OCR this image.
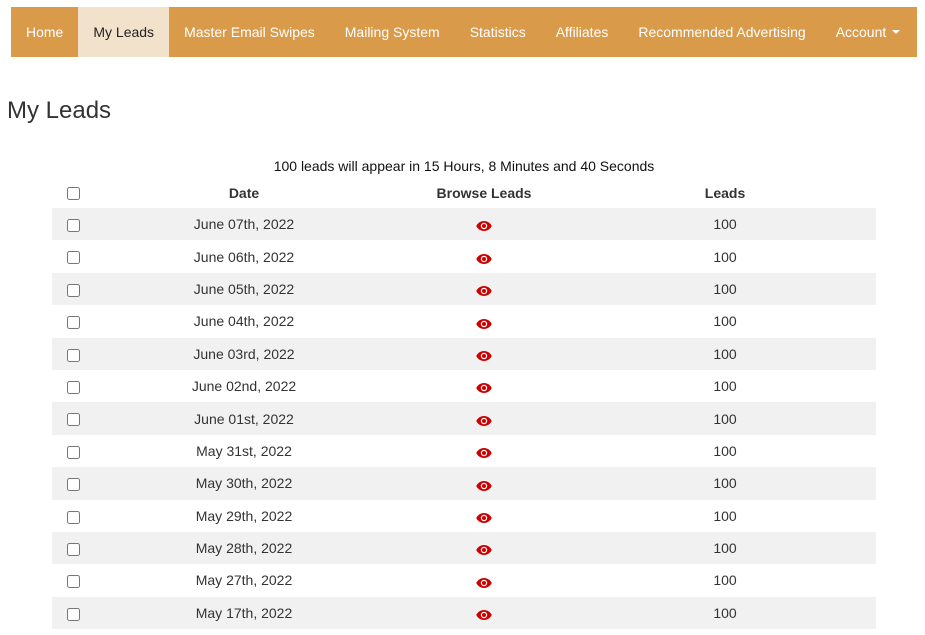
Home	My Leads	Master Email Swipes	Mailing System	Statistics	Affiliates	Recommended Advertising	Account
My Leads
100 leads will appear in 15 Hours, 8 Minutes and 40 Seconds
	Date	Browse Leads	Leads
	June 07th, 2022		100
	June 06th, 2022		100
	June 05th, 2022		100
	June 04th, 2022		100
	June 03rd, 2022		100
	June 02nd, 2022		100
	June 01st, 2022		100
	May 31st, 2022		100
	May 30th, 2022		100
	May 29th, 2022		100
	May 28th, 2022		100
	May 27th, 2022		100
	May 17th, 2022		100
